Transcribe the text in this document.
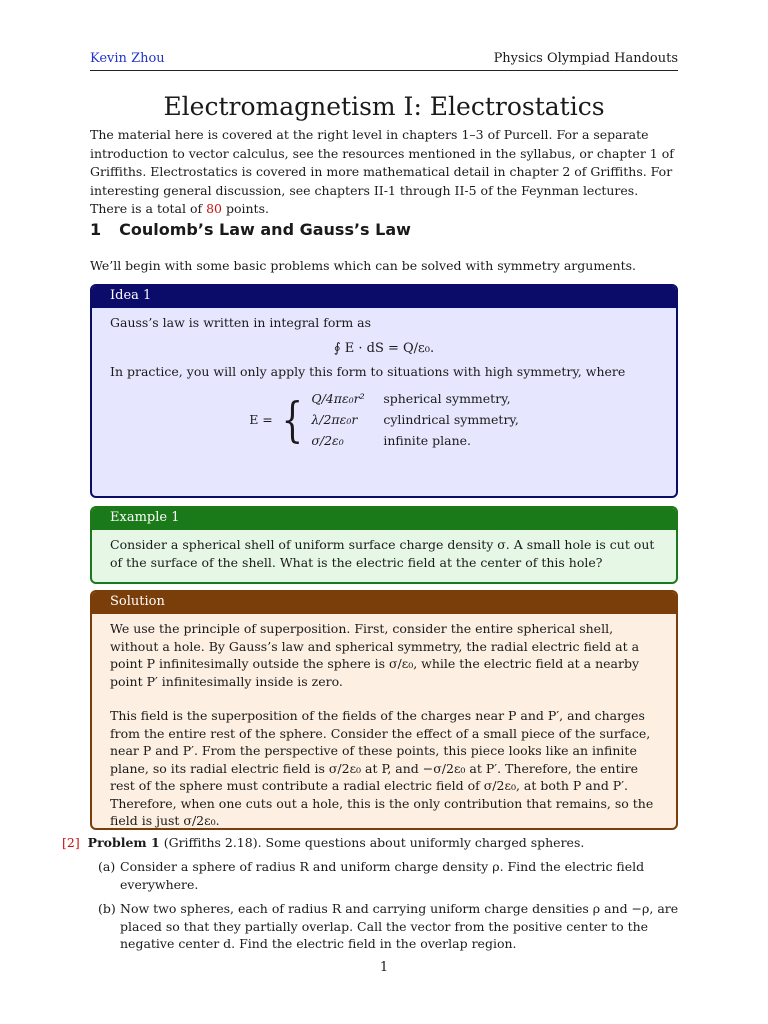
Kevin Zhou	Physics Olympiad Handouts
Electromagnetism I: Electrostatics
The material here is covered at the right level in chapters 1–3 of Purcell. For a separate introduction to vector calculus, see the resources mentioned in the syllabus, or chapter 1 of Griffiths. Electrostatics is covered in more mathematical detail in chapter 2 of Griffiths. For interesting general discussion, see chapters II-1 through II-5 of the Feynman lectures. There is a total of 80 points.
1 Coulomb’s Law and Gauss’s Law
We’ll begin with some basic problems which can be solved with symmetry arguments.
Idea 1
Gauss’s law is written in integral form as
∮ E · dS = Q/ε₀.
In practice, you will only apply this form to situations with high symmetry, where
E = { Q/4πε₀r²	spherical symmetry,
λ/2πε₀r	cylindrical symmetry,
σ/2ε₀	infinite plane.
Example 1
Consider a spherical shell of uniform surface charge density σ. A small hole is cut out of the surface of the shell. What is the electric field at the center of this hole?
Solution
We use the principle of superposition. First, consider the entire spherical shell, without a hole. By Gauss’s law and spherical symmetry, the radial electric field at a point P infinitesimally outside the sphere is σ/ε₀, while the electric field at a nearby point P′ infinitesimally inside is zero.
This field is the superposition of the fields of the charges near P and P′, and charges from the entire rest of the sphere. Consider the effect of a small piece of the surface, near P and P′. From the perspective of these points, this piece looks like an infinite plane, so its radial electric field is σ/2ε₀ at P, and −σ/2ε₀ at P′. Therefore, the entire rest of the sphere must contribute a radial electric field of σ/2ε₀, at both P and P′. Therefore, when one cuts out a hole, this is the only contribution that remains, so the field is just σ/2ε₀.
[2] Problem 1 (Griffiths 2.18). Some questions about uniformly charged spheres.
(a) Consider a sphere of radius R and uniform charge density ρ. Find the electric field everywhere.
(b) Now two spheres, each of radius R and carrying uniform charge densities ρ and −ρ, are placed so that they partially overlap. Call the vector from the positive center to the negative center d. Find the electric field in the overlap region.
1
